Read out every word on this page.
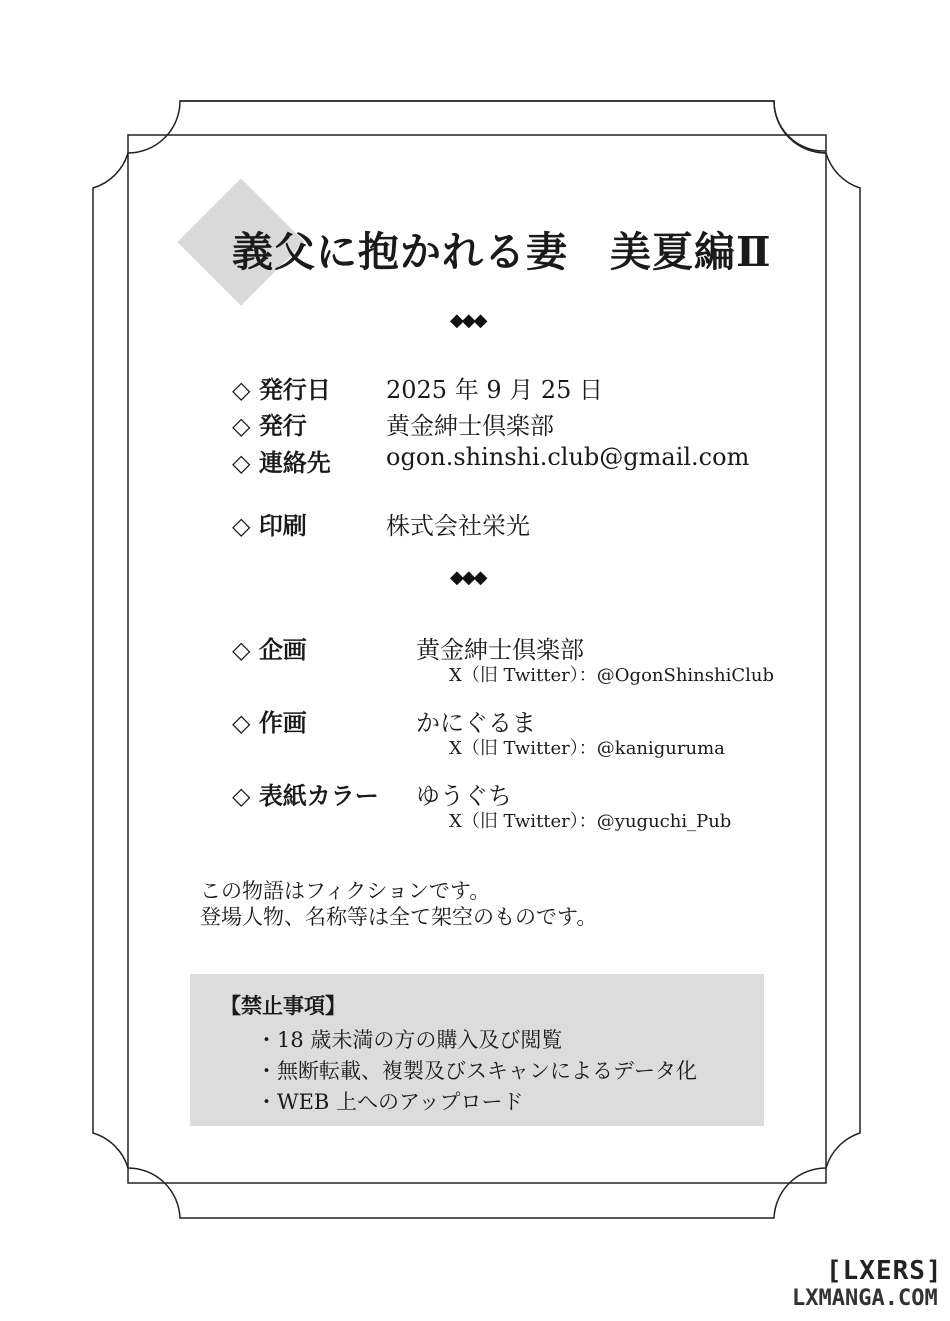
義父に抱かれる妻　美夏編Ⅱ
◆◆◆
◇ 発行日 2025 年 9 月 25 日
◇ 発行	黄金紳士倶楽部
◇ 連絡先 ogon.shinshi.club@gmail.com
◇ 印刷	株式会社栄光
◆◆◆
◇ 企画	黄金紳士倶楽部
X（旧 Twitter）：@OgonShinshiClub
◇ 作画	かにぐるま
X（旧 Twitter）：@kaniguruma
◇ 表紙カラー ゆうぐち
X（旧 Twitter）：@yuguchi_Pub
この物語はフィクションです。
登場人物、名称等は全て架空のものです。
【禁止事項】
・18 歳未満の方の購入及び閲覧
・無断転載、複製及びスキャンによるデータ化
・WEB 上へのアップロード
[LXERS]
LXMANGA.COM
